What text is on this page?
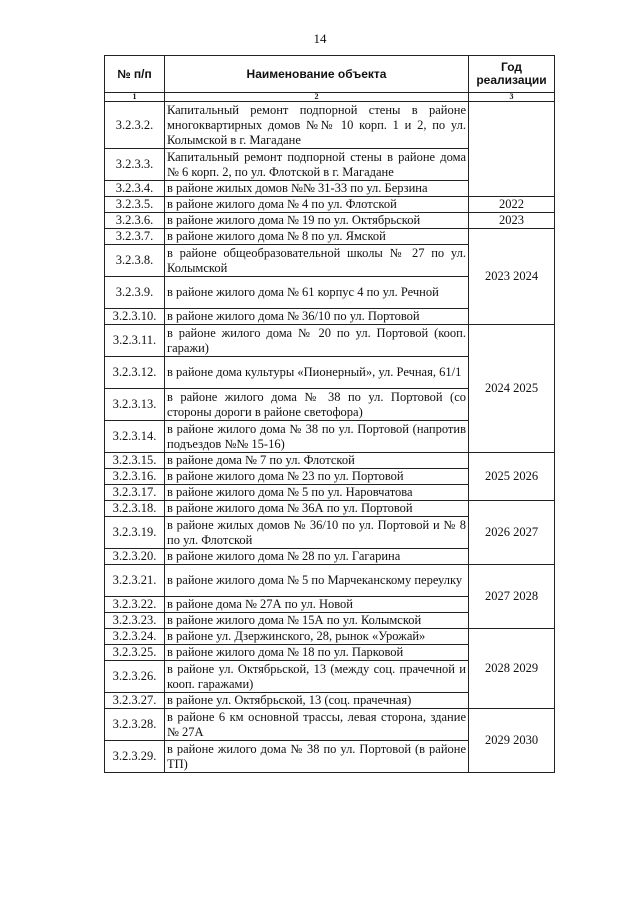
14
№ п/п	Наименование объекта	Год реализации
1	2	3
3.2.3.2.	Капитальный ремонт подпорной стены в районе многоквартирных домов №№ 10 корп. 1 и 2, по ул. Колымской в г. Магадане	
3.2.3.3.	Капитальный ремонт подпорной стены в районе дома № 6 корп. 2, по ул. Флотской в г. Магадане	
3.2.3.4.	в районе жилых домов №№ 31-33 по ул. Берзина	
3.2.3.5.	в районе жилого дома № 4 по ул. Флотской	2022
3.2.3.6.	в районе жилого дома № 19 по ул. Октябрьской	2023
3.2.3.7.	в районе жилого дома № 8 по ул. Ямской	2023 2024
3.2.3.8.	в районе общеобразовательной школы № 27 по ул. Колымской	
3.2.3.9.	в районе жилого дома № 61 корпус 4 по ул. Речной	
3.2.3.10.	в районе жилого дома № 36/10 по ул. Портовой	
3.2.3.11.	в районе жилого дома № 20 по ул. Портовой (кооп. гаражи)	2024 2025
3.2.3.12.	в районе дома культуры «Пионерный», ул. Речная, 61/1	
3.2.3.13.	в районе жилого дома № 38 по ул. Портовой (со стороны дороги в районе светофора)	
3.2.3.14.	в районе жилого дома № 38 по ул. Портовой (напротив подъездов №№ 15-16)	
3.2.3.15.	в районе дома № 7 по ул. Флотской	2025 2026
3.2.3.16.	в районе жилого дома № 23 по ул. Портовой	
3.2.3.17.	в районе жилого дома № 5 по ул. Наровчатова	
3.2.3.18.	в районе жилого дома № 36А по ул. Портовой	2026 2027
3.2.3.19.	в районе жилых домов № 36/10 по ул. Портовой и № 8 по ул. Флотской	
3.2.3.20.	в районе жилого дома № 28 по ул. Гагарина	
3.2.3.21.	в районе жилого дома № 5 по Марчеканскому переулку	2027 2028
3.2.3.22.	в районе дома № 27А по ул. Новой	
3.2.3.23.	в районе жилого дома № 15А по ул. Колымской	
3.2.3.24.	в районе ул. Дзержинского, 28, рынок «Урожай»	2028 2029
3.2.3.25.	в районе жилого дома № 18 по ул. Парковой	
3.2.3.26.	в районе ул. Октябрьской, 13 (между соц. прачечной и кооп. гаражами)	
3.2.3.27.	в районе ул. Октябрьской, 13 (соц. прачечная)	
3.2.3.28.	в районе 6 км основной трассы, левая сторона, здание № 27А	2029 2030
3.2.3.29.	в районе жилого дома № 38 по ул. Портовой (в районе ТП)	
